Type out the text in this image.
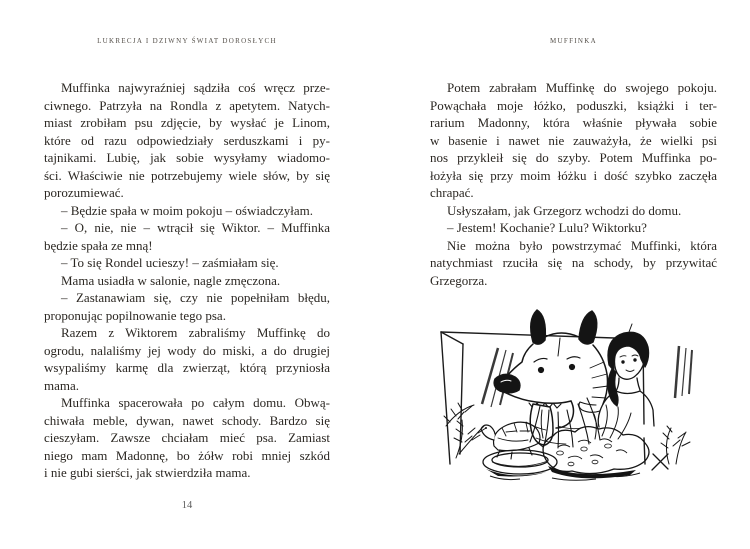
LUKRECJA I DZIWNY ŚWIAT DOROSŁYCH

Muffinka najwyraźniej sądziła coś wręcz prze-
ciwnego. Patrzyła na Rondla z apetytem. Natych-
miast zrobiłam psu zdjęcie, by wysłać je Linom,
które od razu odpowiedziały serduszkami i py-
tajnikami. Lubię, jak sobie wysyłamy wiadomo-
ści. Właściwie nie potrzebujemy wiele słów, by się
porozumiewać.

– Będzie spała w moim pokoju – oświadczyłam.

– O, nie, nie – wtrącił się Wiktor. – Muffinka
będzie spała ze mną!

– To się Rondel ucieszy! – zaśmiałam się.

Mama usiadła w salonie, nagle zmęczona.

– Zastanawiam się, czy nie popełniłam błędu,
proponując popilnowanie tego psa.

Razem z Wiktorem zabraliśmy Muffinkę do
ogrodu, nalaliśmy jej wody do miski, a do drugiej
wsypaliśmy karmę dla zwierząt, którą przyniosła
mama.

Muffinka spacerowała po całym domu. Obwą-
chiwała meble, dywan, nawet schody. Bardzo się
cieszyłam. Zawsze chciałam mieć psa. Zamiast
niego mam Madonnę, bo żółw robi mniej szkód
i nie gubi sierści, jak stwierdziła mama.

14
MUFFINKA

Potem zabrałam Muffinkę do swojego pokoju.
Powąchała moje łóżko, poduszki, książki i ter-
rarium Madonny, która właśnie pływała sobie
w basenie i nawet nie zauważyła, że wielki psi
nos przykleił się do szyby. Potem Muffinka po-
łożyła się przy moim łóżku i dość szybko zaczęła
chrapać.

Usłyszałam, jak Grzegorz wchodzi do domu.

– Jestem! Kochanie? Lulu? Wiktorku?

Nie można było powstrzymać Muffinki, która
natychmiast rzuciła się na schody, by przywitać
Grzegorza.
